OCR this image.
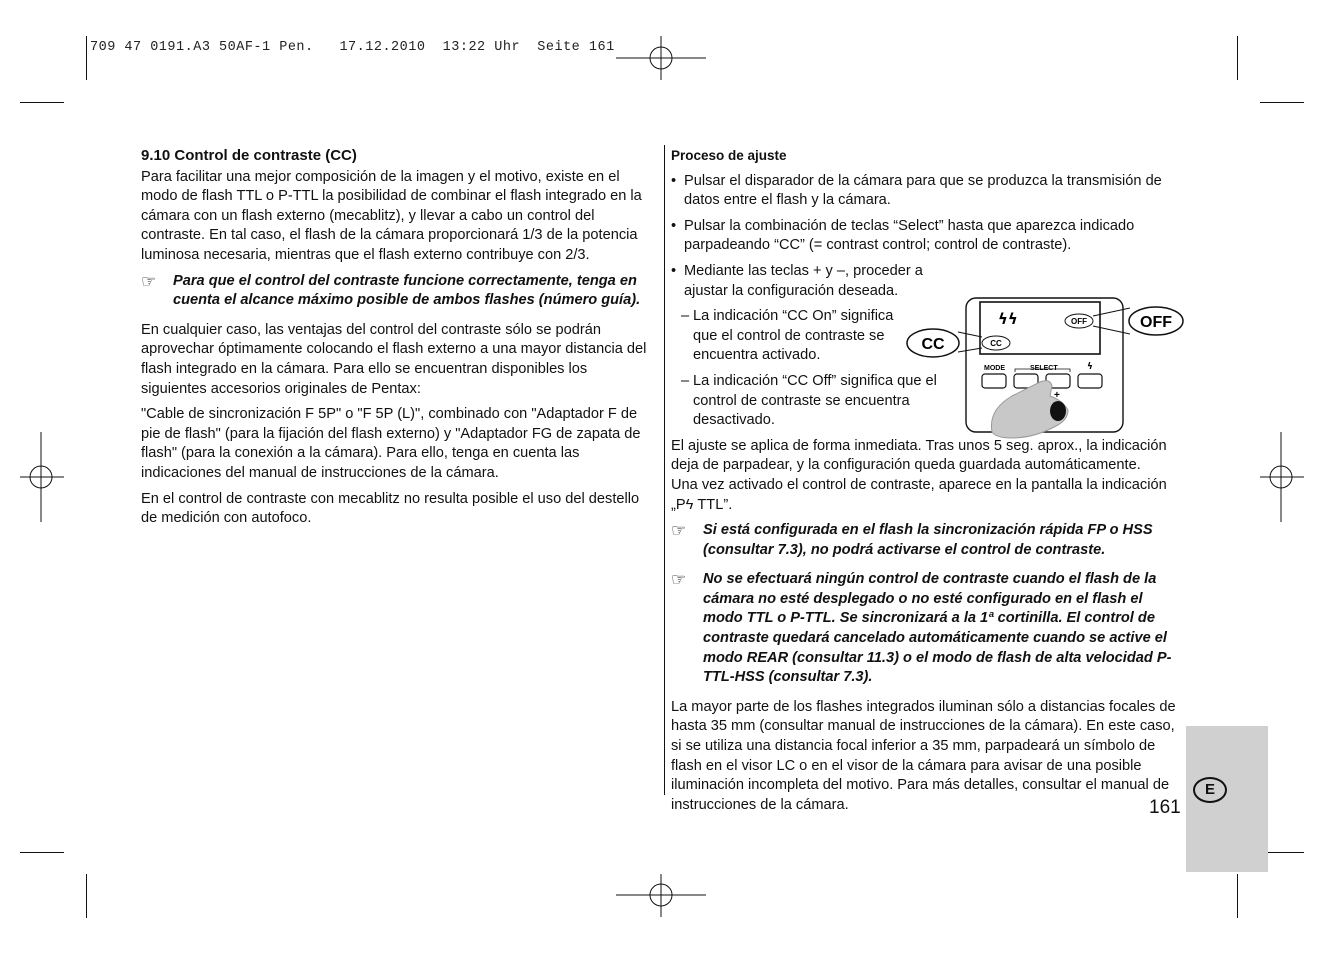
709 47 0191.A3 50AF-1 Pen.   17.12.2010  13:22 Uhr  Seite 161

9.10 Control de contraste (CC)

Para facilitar una mejor composición de la imagen y el motivo, existe en el modo de flash TTL o P-TTL la posibilidad de combinar el flash integrado en la cámara con un flash externo (mecablitz), y llevar a cabo un control del contraste. En tal caso, el flash de la cámara proporcionará 1/3 de la potencia luminosa necesaria, mientras que el flash externo contribuye con 2/3.

☞	Para que el control del contraste funcione correctamente, tenga en cuenta el alcance máximo posible de ambos flashes (número guía).

En cualquier caso, las ventajas del control del contraste sólo se podrán aprovechar óptimamente colocando el flash externo a una mayor distancia del flash integrado en la cámara. Para ello se encuentran disponibles los siguientes accesorios originales de Pentax:

"Cable de sincronización F 5P" o "F 5P (L)", combinado con "Adaptador F de pie de flash" (para la fijación del flash externo) y "Adaptador FG de zapata de flash" (para la conexión a la cámara). Para ello, tenga en cuenta las indicaciones del manual de instrucciones de la cámara.

En el control de contraste con mecablitz no resulta posible el uso del destello de medición con autofoco.

Proceso de ajuste

• Pulsar el disparador de la cámara para que se produzca la transmisión de datos entre el flash y la cámara.
• Pulsar la combinación de teclas “Select” hasta que aparezca indicado parpadeando “CC” (= contrast control; control de contraste).
• Mediante las teclas + y –, proceder a ajustar la configuración deseada.
– La indicación “CC On” significa que el control de contraste se encuentra activado.
– La indicación “CC Off” significa que el control de contraste se encuentra desactivado.

El ajuste se aplica de forma inmediata. Tras unos 5 seg. aprox., la indicación deja de parpadear, y la configuración queda guardada automáticamente.

Una vez activado el control de contraste, aparece en la pantalla la indicación
„Pϟ TTL”.

☞	Si está configurada en el flash la sincronización rápida FP o HSS (consultar 7.3), no podrá activarse el control de contraste.
☞	No se efectuará ningún control de contraste cuando el flash de la cámara no esté desplegado o no esté configurado en el flash el modo TTL o P-TTL. Se sincronizará a la 1ª cortinilla. El control de contraste quedará cancelado automáticamente cuando se active el modo REAR (consultar 11.3) o el modo de flash de alta velocidad P-TTL-HSS (consultar 7.3).

La mayor parte de los flashes integrados iluminan sólo a distancias focales de hasta 35 mm (consultar manual de instrucciones de la cámara). En este caso, si se utiliza una distancia focal inferior a 35 mm, parpadeará un símbolo de flash en el visor LC o en el visor de la cámara para avisar de una posible iluminación incompleta del motivo. Para más detalles, consultar el manual de instrucciones de la cámara.

ϟϟ	OFF
CC
OFF
CC
MODE	SELECT	ϟ
+
E
161
